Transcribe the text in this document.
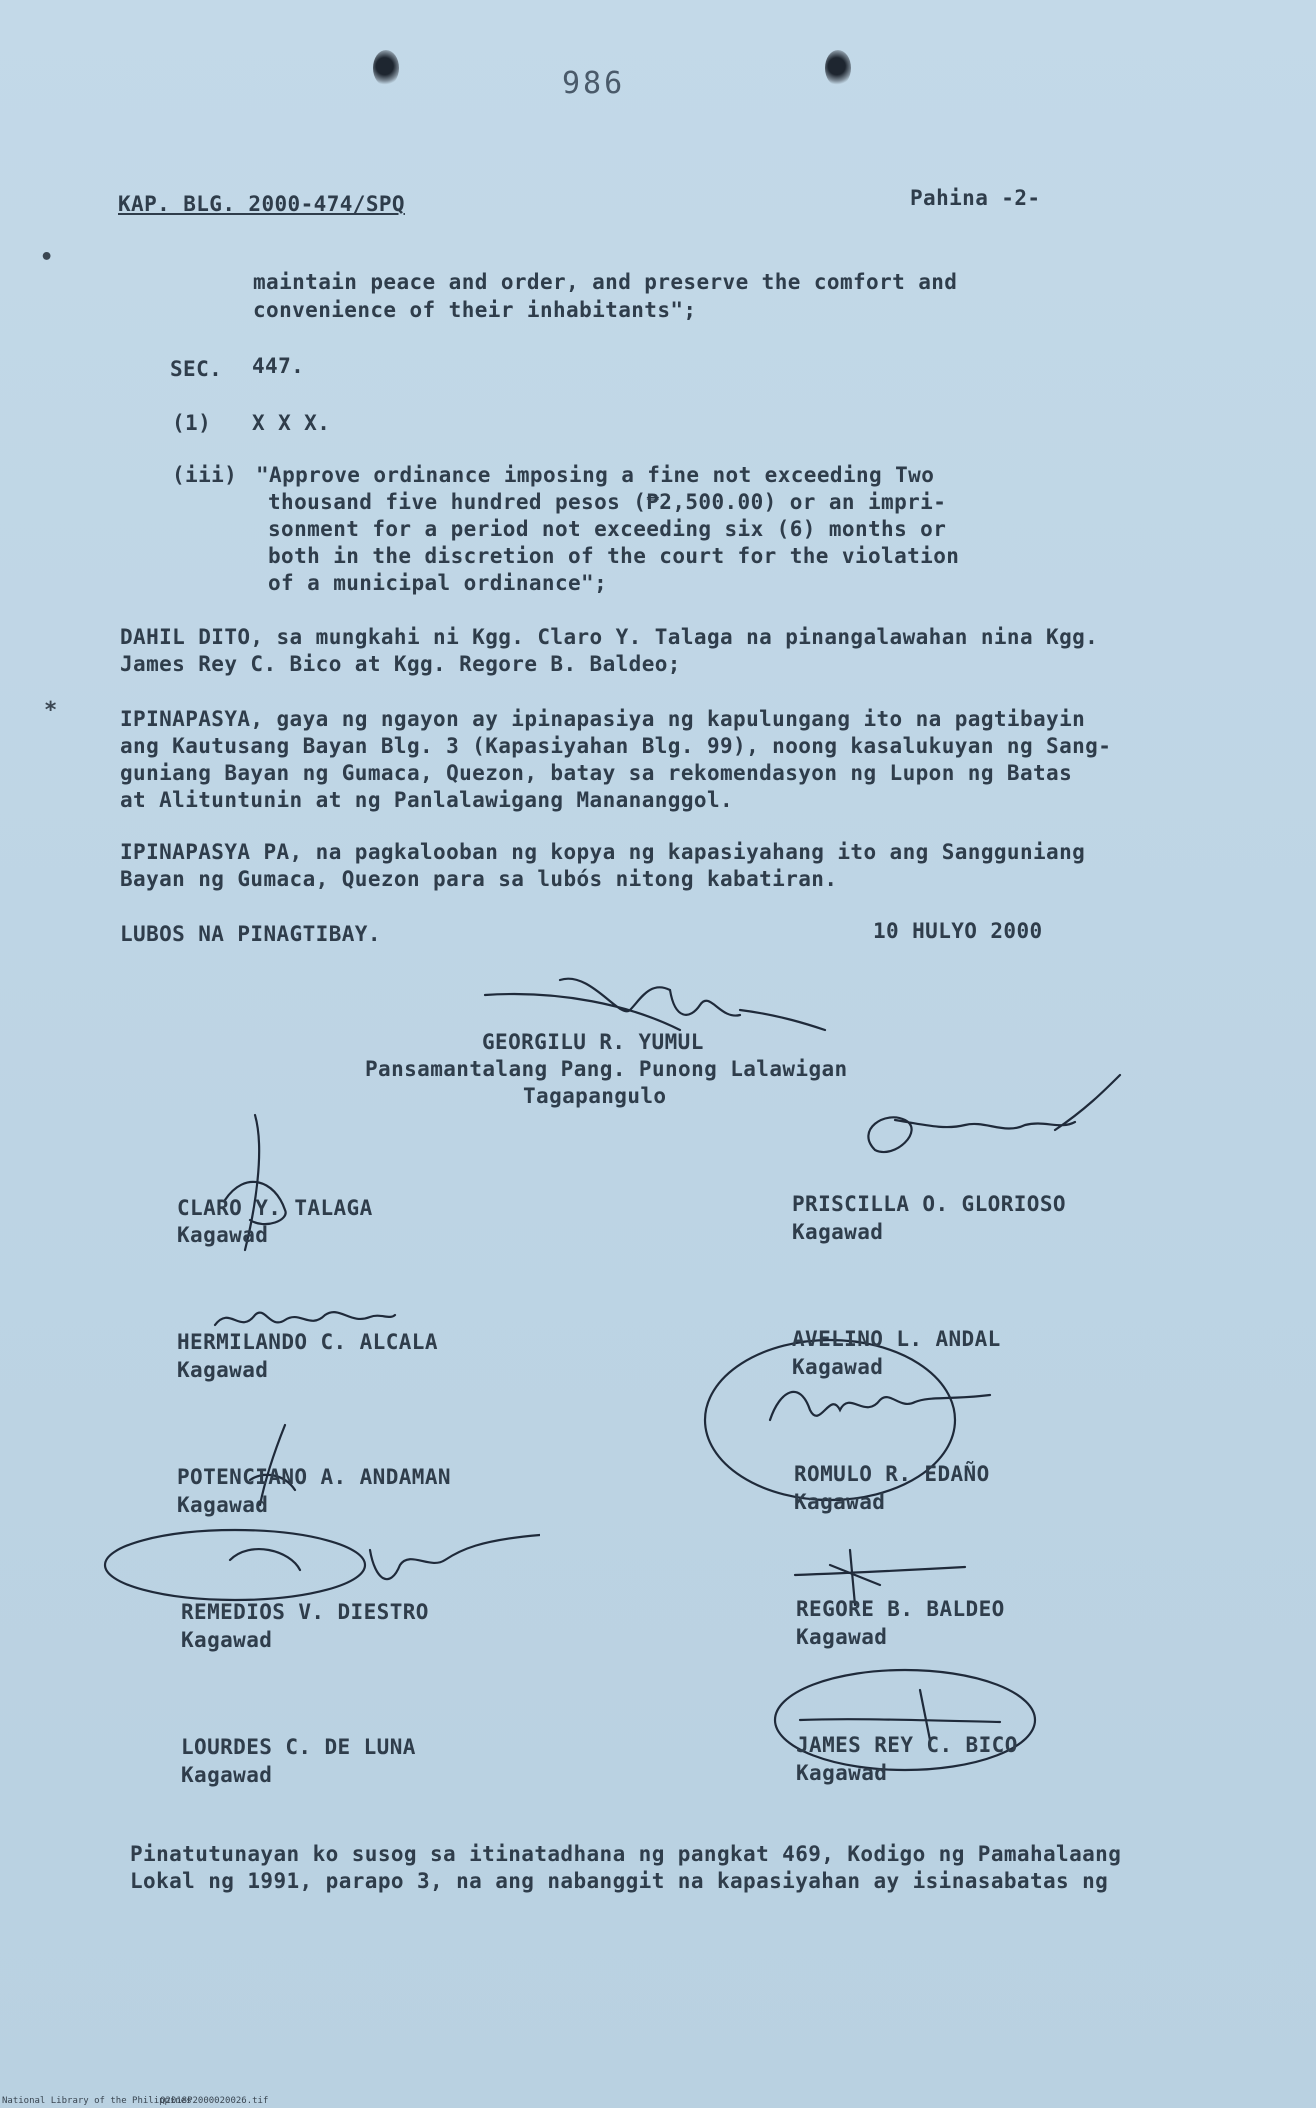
986
•
*
KAP. BLG. 2000-474/SPQ	Pahina -2-
maintain peace and order, and preserve the comfort and
convenience of their inhabitants";
SEC. 447.
(1) X X X.
(iii) "Approve ordinance imposing a fine not exceeding Two
thousand five hundred pesos (₱2,500.00) or an impri-
sonment for a period not exceeding six (6) months or
both in the discretion of the court for the violation
of a municipal ordinance";
DAHIL DITO, sa mungkahi ni Kgg. Claro Y. Talaga na pinangalawahan nina Kgg.
James Rey C. Bico at Kgg. Regore B. Baldeo;
IPINAPASYA, gaya ng ngayon ay ipinapasiya ng kapulungang ito na pagtibayin
ang Kautusang Bayan Blg. 3 (Kapasiyahan Blg. 99), noong kasalukuyan ng Sang-
guniang Bayan ng Gumaca, Quezon, batay sa rekomendasyon ng Lupon ng Batas
at Alituntunin at ng Panlalawigang Manananggol.
IPINAPASYA PA, na pagkalooban ng kopya ng kapasiyahang ito ang Sangguniang
Bayan ng Gumaca, Quezon para sa lubós nitong kabatiran.
LUBOS NA PINAGTIBAY.	10 HULYO 2000
GEORGILU R. YUMUL
Pansamantalang Pang. Punong Lalawigan
Tagapangulo
CLARO Y. TALAGA
Kagawad
HERMILANDO C. ALCALA
Kagawad
POTENCIANO A. ANDAMAN
Kagawad
REMEDIOS V. DIESTRO
Kagawad
LOURDES C. DE LUNA
Kagawad
PRISCILLA O. GLORIOSO
Kagawad
AVELINO L. ANDAL
Kagawad
ROMULO R. EDAÑO
Kagawad
REGORE B. BALDEO
Kagawad
JAMES REY C. BICO
Kagawad
Pinatutunayan ko susog sa itinatadhana ng pangkat 469, Kodigo ng Pamahalaang
Lokal ng 1991, parapo 3, na ang nabanggit na kapasiyahan ay isinasabatas ng
National Library of the Philippines
Q2018P2000020026.tif
